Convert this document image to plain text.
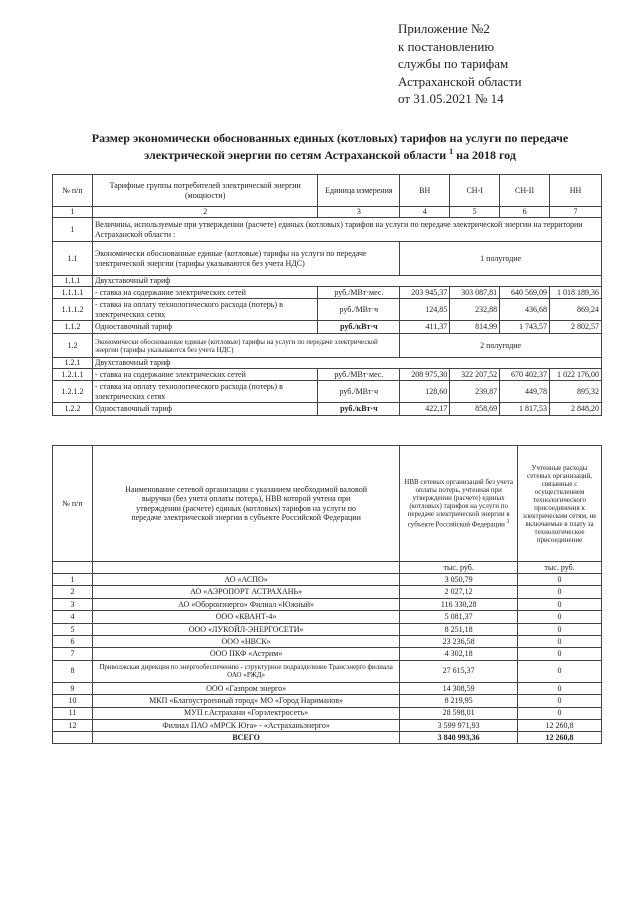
Приложение №2
к постановлению
службы по тарифам
Астраханской области
от 31.05.2021 № 14
Размер экономически обоснованных единых (котловых) тарифов на услуги по передаче
электрической энергии по сетям Астраханской области $^1$ на 2018 год
№ п/п	Тарифные группы потребителей электрической энергии (мощности)	Единица измерения	ВН	СН-I	СН-II	НН
1	2	3	4	5	6	7
1	Величины, используемые при утверждении (расчете) единых (котловых) тарифов на услуги по передаче электрической энергии на территории Астраханской области :					
1.1	Экономически обоснованные единые (котловые) тарифы на услуги по передаче электрической энергии (тарифы указываются без учета НДС)		1 полугодие			
1.1.1	Двухставочный тариф					
1.1.1.1	- ставка на содержание электрических сетей	руб./МВт·мес.	203 945,37	303 087,81	640 569,09	1 018 189,36
1.1.1.2	- ставка на оплату технологического расхода (потерь) в электрических сетях	руб./МВт·ч	124,85	232,88	436,68	869,24
1.1.2	Одноставочный тариф	руб./кВт·ч	411,37	814,99	1 743,57	2 802,57
1.2	Экономически обоснованные единые (котловые) тарифы на услуги по передаче электрической энергии (тарифы указываются без учета НДС)		2 полугодие			
1.2.1	Двухставочный тариф					
1.2.1.1	- ставка на содержание электрических сетей	руб./МВт·мес.	208 975,30	322 207,52	670 402,37	1 022 176,00
1.2.1.2	- ставка на оплату технологического расхода (потерь) в электрических сетях	руб./МВт·ч	128,60	239,87	449,78	895,32
1.2.2	Одноставочный тариф	руб./кВт·ч	422,17	858,69	1 817,53	2 848,20
№ п/п	Наименование сетевой организации с указанием необходимой валовой выручки (без учета оплаты потерь), НВВ которой учтена при утверждении (расчете) единых (котловых) тарифов на услуги по передаче электрической энергии в субъекте Российской Федерации	НВВ сетевых организаций без учета оплаты потерь, учтенная при утверждении (расчете) единых (котловых) тарифов на услуги по передаче электрической энергии в субъекте Российской Федерации $^1$	Учтенные расходы сетевых организаций, связанные с осуществлением технологического присоединения к электрическим сетям, не включаемые в плату за технологическое присоединение
		тыс. руб.	тыс. руб.
1	АО «АСПО»	3 050,79	0
2	АО «АЭРОПОРТ АСТРАХАНЬ»	2 027,12	0
3	АО «Оборонэнерго» Филиал «Южный»	116 330,28	0
4	ООО «КВАНТ-4»	5 081,37	0
5	ООО «ЛУКОЙЛ-ЭНЕРГОСЕТИ»	8 251,18	0
6	ООО «НВСК»	23 236,58	0
7	ООО ПКФ «Астрим»	4 302,18	0
8	Приволжская дирекция по энергообеспечению - структурное подразделение Трансэнерго филиала ОАО «РЖД»	27 615,37	0
9	ООО «Газпром энерго»	14 308,59	0
10	МКП «Благоустроенный город» МО «Город Нариманов»	8 219,95	0
11	МУП г.Астрахани «Горэлектросеть»	28 598,01	0
12	Филиал ПАО «МРСК Юга» - «Астраханьэнерго»	3 599 971,93	12 260,8
	ВСЕГО	3 840 993,36	12 260,8
